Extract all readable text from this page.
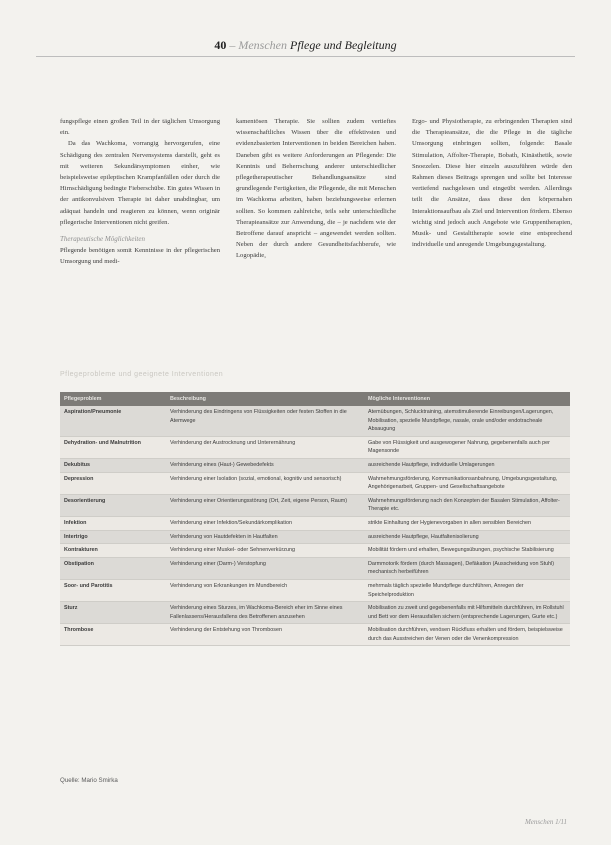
40 – Menschen Pflege und Begleitung

fungspflege einen großen Teil in der täglichen Umsorgung ein.

Da das Wachkoma, vorrangig hervorgerufen, eine Schädigung des zentralen Nervensystems darstellt, geht es mit weiteren Sekundärsymptomen einher, wie beispielsweise epileptischen Krampfanfällen oder durch die Hirnschädigung bedingte Fieberschübe. Ein gutes Wissen in der antikonvulsiven Therapie ist daher unabdingbar, um adäquat handeln und reagieren zu können, wenn originär pflegerische Interventionen nicht greifen.

Therapeutische Möglichkeiten

Pflegende benötigen somit Kenntnisse in der pflegerischen Umsorgung und medi-

kamentösen Therapie. Sie sollten zudem vertieftes wissenschaftliches Wissen über die effektivsten und evidenzbasierten Interventionen in beiden Bereichen haben. Daneben gibt es weitere Anforderungen an Pflegende: Die Kenntnis und Beherrschung anderer unterschiedlicher pflegetherapeutischer Behandlungsansätze sind grundlegende Fertigkeiten, die Pflegende, die mit Menschen im Wachkoma arbeiten, haben beziehungsweise erlernen sollten. So kommen zahlreiche, teils sehr unterschiedliche Therapieansätze zur Anwendung, die – je nachdem wie der Betroffene darauf anspricht – angewendet werden sollten. Neben der durch andere Gesundheitsfachberufe, wie Logopädie,

Ergo- und Physiotherapie, zu erbringenden Therapien sind die Therapieansätze, die die Pflege in die tägliche Umsorgung einbringen sollten, folgende: Basale Stimulation, Affolter-Therapie, Bobath, Kinästhetik, sowie Snoezelen. Diese hier einzeln auszuführen würde den Rahmen dieses Beitrags sprengen und sollte bei Interesse vertiefend nachgelesen und eingeübt werden. Allerdings teilt die Ansätze, dass diese den körpernahen Interaktionsaufbau als Ziel und Intervention fördern. Ebenso wichtig sind jedoch auch Angebote wie Gruppentherapien, Musik- und Gestalttherapie sowie eine entsprechend individuelle und anregende Umgebungsgestaltung.

Pflegeprobleme und geeignete Interventionen
Pflegeproblem	Beschreibung	Mögliche Interventionen
Aspiration/Pneumonie	Verhinderung des Eindringens von Flüssigkeiten oder festen Stoffen in die Atemwege	Atemübungen, Schlucktraining, atemstimulierende Einreibungen/Lagerungen, Mobilisation, spezielle Mundpflege, nasale, orale und/oder endotracheale Absaugung
Dehydration- und Malnutrition	Verhinderung der Austrocknung und Unterernährung	Gabe von Flüssigkeit und ausgewogener Nahrung, gegebenenfalls auch per Magensonde
Dekubitus	Verhinderung eines (Haut-) Gewebedefekts	ausreichende Hautpflege, individuelle Umlagerungen
Depression	Verhinderung einer Isolation (sozial, emotional, kognitiv und sensorisch)	Wahrnehmungsförderung, Kommunikationsanbahnung, Umgebungsgestaltung, Angehörigenarbeit, Gruppen- und Gesellschaftsangebote
Desorientierung	Verhinderung einer Orientierungsstörung (Ort, Zeit, eigene Person, Raum)	Wahrnehmungsförderung nach den Konzepten der Basalen Stimulation, Affolter-Therapie etc.
Infektion	Verhinderung einer Infektion/Sekundärkomplikation	strikte Einhaltung der Hygienevorgaben in allen sensiblen Bereichen
Intertrigo	Verhinderung von Hautdefekten in Hautfalten	ausreichende Hautpflege, Hautfaltenisolierung
Kontrakturen	Verhinderung einer Muskel- oder Sehnenverkürzung	Mobilität fördern und erhalten, Bewegungsübungen, psychische Stabilisierung
Obstipation	Verhinderung einer (Darm-) Verstopfung	Darmmotorik fördern (durch Massagen), Defäkation (Ausscheidung von Stuhl) mechanisch herbeiführen
Soor- und Parotitis	Verhinderung von Erkrankungen im Mundbereich	mehrmals täglich spezielle Mundpflege durchführen, Anregen der Speichelproduktion
Sturz	Verhinderung eines Sturzes, im Wachkoma-Bereich eher im Sinne eines Fallenlassens/Herausfallens des Betroffenen anzusehen	Mobilisation zu zweit und gegebenenfalls mit Hilfsmitteln durchführen, im Rollstuhl und Bett vor dem Herausfallen sichern (entsprechende Lagerungen, Gurte etc.)
Thrombose	Verhinderung der Entstehung von Thrombosen	Mobilisation durchführen, venösen Rückfluss erhalten und fördern, beispielsweise durch das Ausstreichen der Venen oder die Venenkompression
Quelle: Mario Smirka
Menschen 1/11
